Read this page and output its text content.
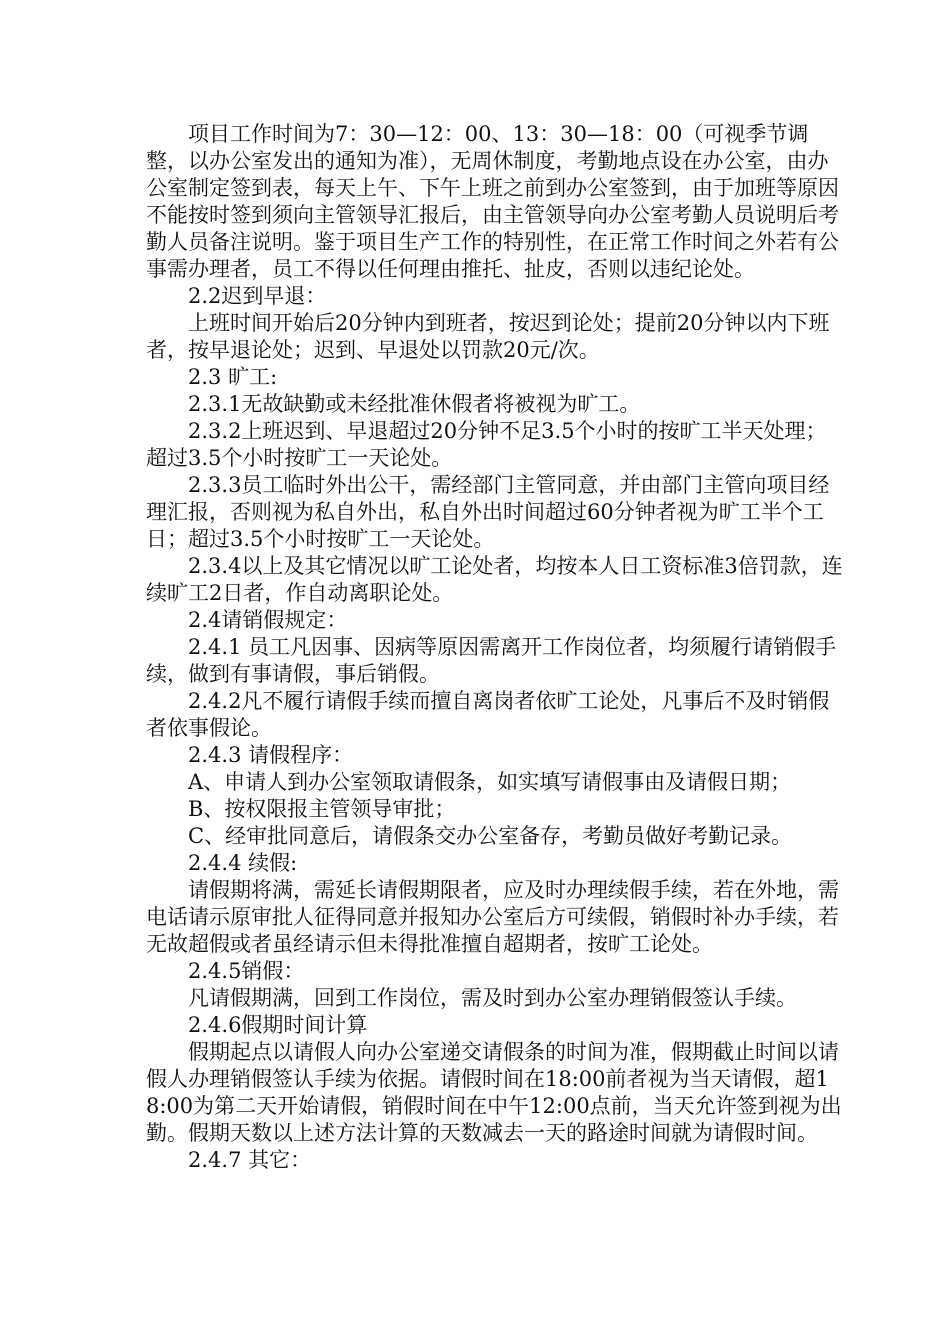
项目工作时间为7：30—12：00、13：30—18：00（可视季节调整，以办公室发出的通知为准），无周休制度，考勤地点设在办公室，由办公室制定签到表，每天上午、下午上班之前到办公室签到，由于加班等原因不能按时签到须向主管领导汇报后，由主管领导向办公室考勤人员说明后考勤人员备注说明。鉴于项目生产工作的特别性，在正常工作时间之外若有公事需办理者，员工不得以任何理由推托、扯皮，否则以违纪论处。

2.2迟到早退：

上班时间开始后20分钟内到班者，按迟到论处；提前20分钟以内下班者，按早退论处；迟到、早退处以罚款20元/次。

2.3 旷工:

2.3.1无故缺勤或未经批准休假者将被视为旷工。

2.3.2上班迟到、早退超过20分钟不足3.5个小时的按旷工半天处理；超过3.5个小时按旷工一天论处。

2.3.3员工临时外出公干，需经部门主管同意，并由部门主管向项目经理汇报，否则视为私自外出，私自外出时间超过60分钟者视为旷工半个工日；超过3.5个小时按旷工一天论处。

2.3.4以上及其它情况以旷工论处者，均按本人日工资标准3倍罚款，连续旷工2日者，作自动离职论处。

2.4请销假规定：

2.4.1 员工凡因事、因病等原因需离开工作岗位者，均须履行请销假手续，做到有事请假，事后销假。

2.4.2凡不履行请假手续而擅自离岗者依旷工论处，凡事后不及时销假者依事假论。

2.4.3 请假程序：

A、申请人到办公室领取请假条，如实填写请假事由及请假日期；

B、按权限报主管领导审批；

C、经审批同意后，请假条交办公室备存，考勤员做好考勤记录。

2.4.4 续假:

请假期将满，需延长请假期限者，应及时办理续假手续，若在外地，需电话请示原审批人征得同意并报知办公室后方可续假，销假时补办手续，若无故超假或者虽经请示但未得批准擅自超期者，按旷工论处。

2.4.5销假：

凡请假期满，回到工作岗位，需及时到办公室办理销假签认手续。

2.4.6假期时间计算

假期起点以请假人向办公室递交请假条的时间为准，假期截止时间以请假人办理销假签认手续为依据。请假时间在18:00前者视为当天请假，超18:00为第二天开始请假，销假时间在中午12:00点前，当天允许签到视为出勤。假期天数以上述方法计算的天数减去一天的路途时间就为请假时间。

2.4.7 其它：
